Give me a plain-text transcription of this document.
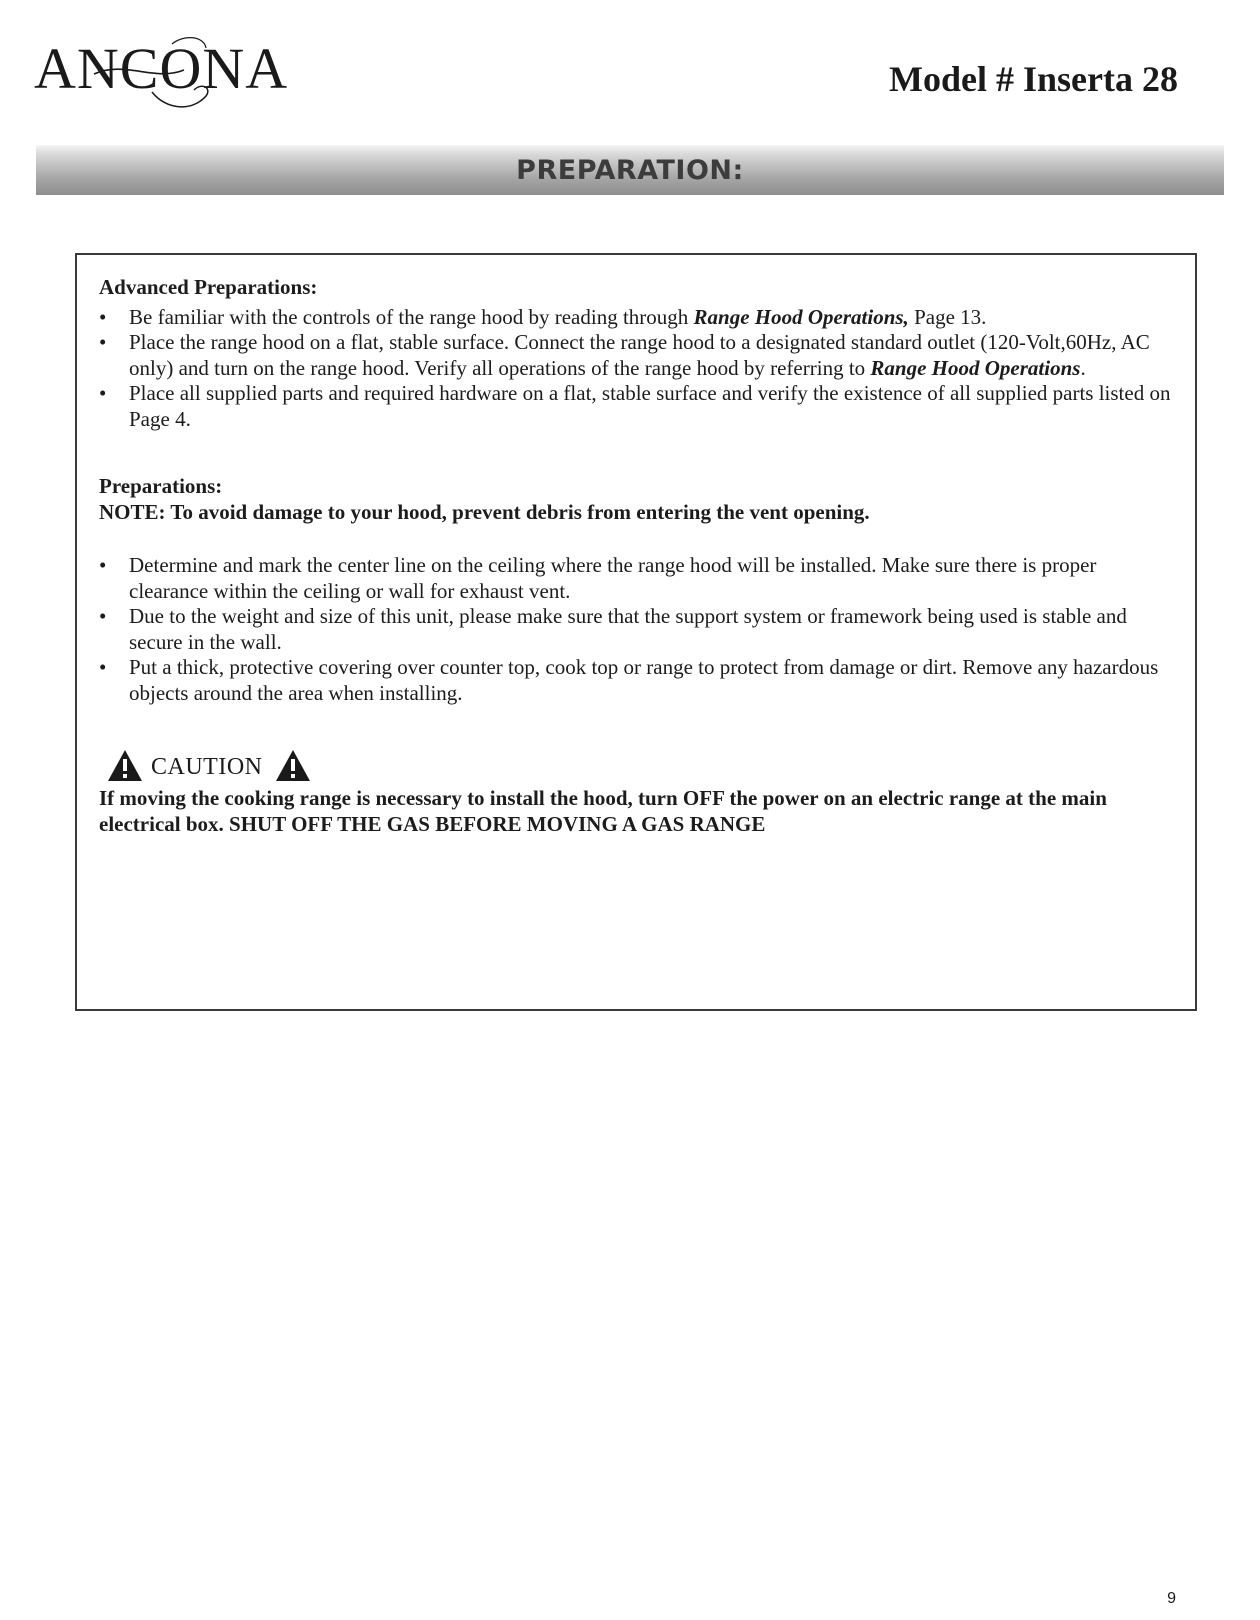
ANCONA	Model # Inserta 28
PREPARATION:

Advanced Preparations:

• Be familiar with the controls of the range hood by reading through Range Hood Operations, Page 13.
• Place the range hood on a flat, stable surface. Connect the range hood to a designated standard outlet (120-Volt,60Hz, AC only) and turn on the range hood. Verify all operations of the range hood by referring to Range Hood Operations.
• Place all supplied parts and required hardware on a flat, stable surface and verify the existence of all supplied parts listed on Page 4.

Preparations:

NOTE: To avoid damage to your hood, prevent debris from entering the vent opening.

• Determine and mark the center line on the ceiling where the range hood will be installed. Make sure there is proper clearance within the ceiling or wall for exhaust vent.
• Due to the weight and size of this unit, please make sure that the support system or framework being used is stable and secure in the wall.
• Put a thick, protective covering over counter top, cook top or range to protect from damage or dirt. Remove any hazardous objects around the area when installing.
CAUTION

If moving the cooking range is necessary to install the hood, turn OFF the power on an electric range at the main electrical box. SHUT OFF THE GAS BEFORE MOVING A GAS RANGE

9
